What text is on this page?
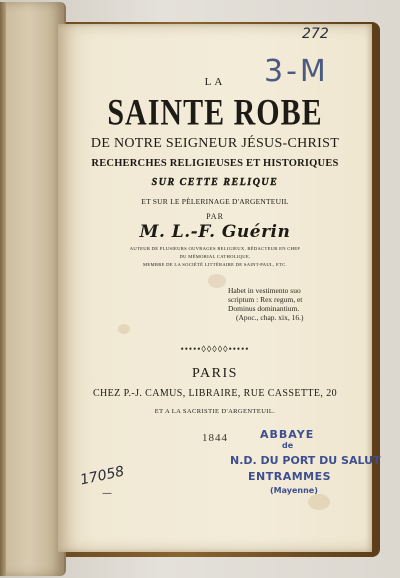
LA
SAINTE ROBE
DE NOTRE SEIGNEUR JÉSUS-CHRIST
RECHERCHES RELIGIEUSES ET HISTORIQUES
SUR CETTE RELIQUE
ET SUR LE PÈLERINAGE D'ARGENTEUIL
PAR
M. L.-F. Guérin
AUTEUR DE PLUSIEURS OUVRAGES RELIGIEUX, RÉDACTEUR EN CHEF
DU MÉMORIAL CATHOLIQUE,
MEMBRE DE LA SOCIÉTÉ LITTÉRAIRE DE SAINT-PAUL, ETC.
Habet in vestimento suo
scriptum : Rex regum, et
Dominus dominantium.
(Apoc., chap. xix, 16.)
•••••◊◊◊◊◊•••••
PARIS
CHEZ P.-J. CAMUS, LIBRAIRE, RUE CASSETTE, 20
ET A LA SACRISTIE D'ARGENTEUIL.
1844
272
3-M
17058
—
ABBAYE
de
N.D. DU PORT DU SALUT
ENTRAMMES
(Mayenne)
